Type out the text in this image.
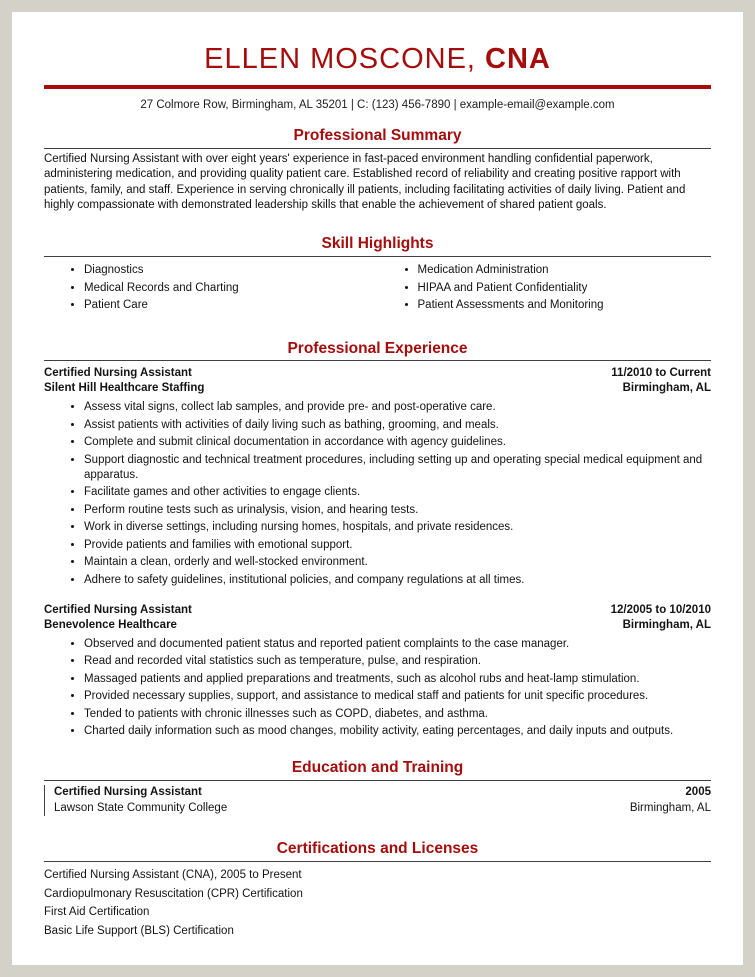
ELLEN MOSCONE, CNA
27 Colmore Row, Birmingham, AL 35201 | C: (123) 456-7890 | example-email@example.com
Professional Summary

Certified Nursing Assistant with over eight years' experience in fast-paced environment handling confidential paperwork, administering medication, and providing quality patient care. Established record of reliability and creating positive rapport with patients, family, and staff. Experience in serving chronically ill patients, including facilitating activities of daily living. Patient and highly compassionate with demonstrated leadership skills that enable the achievement of shared patient goals.

Skill Highlights
• Diagnostics
• Medical Records and Charting
• Patient Care
• Medication Administration
• HIPAA and Patient Confidentiality
• Patient Assessments and Monitoring
Professional Experience
Certified Nursing Assistant	11/2010 to Current
Silent Hill Healthcare Staffing	Birmingham, AL
• Assess vital signs, collect lab samples, and provide pre- and post-operative care.
• Assist patients with activities of daily living such as bathing, grooming, and meals.
• Complete and submit clinical documentation in accordance with agency guidelines.
• Support diagnostic and technical treatment procedures, including setting up and operating special medical equipment and apparatus.
• Facilitate games and other activities to engage clients.
• Perform routine tests such as urinalysis, vision, and hearing tests.
• Work in diverse settings, including nursing homes, hospitals, and private residences.
• Provide patients and families with emotional support.
• Maintain a clean, orderly and well-stocked environment.
• Adhere to safety guidelines, institutional policies, and company regulations at all times.
Certified Nursing Assistant	12/2005 to 10/2010
Benevolence Healthcare	Birmingham, AL
• Observed and documented patient status and reported patient complaints to the case manager.
• Read and recorded vital statistics such as temperature, pulse, and respiration.
• Massaged patients and applied preparations and treatments, such as alcohol rubs and heat-lamp stimulation.
• Provided necessary supplies, support, and assistance to medical staff and patients for unit specific procedures.
• Tended to patients with chronic illnesses such as COPD, diabetes, and asthma.
• Charted daily information such as mood changes, mobility activity, eating percentages, and daily inputs and outputs.
Education and Training
Certified Nursing Assistant	2005
Lawson State Community College	Birmingham, AL
Certifications and Licenses
Certified Nursing Assistant (CNA), 2005 to Present
Cardiopulmonary Resuscitation (CPR) Certification
First Aid Certification
Basic Life Support (BLS) Certification
